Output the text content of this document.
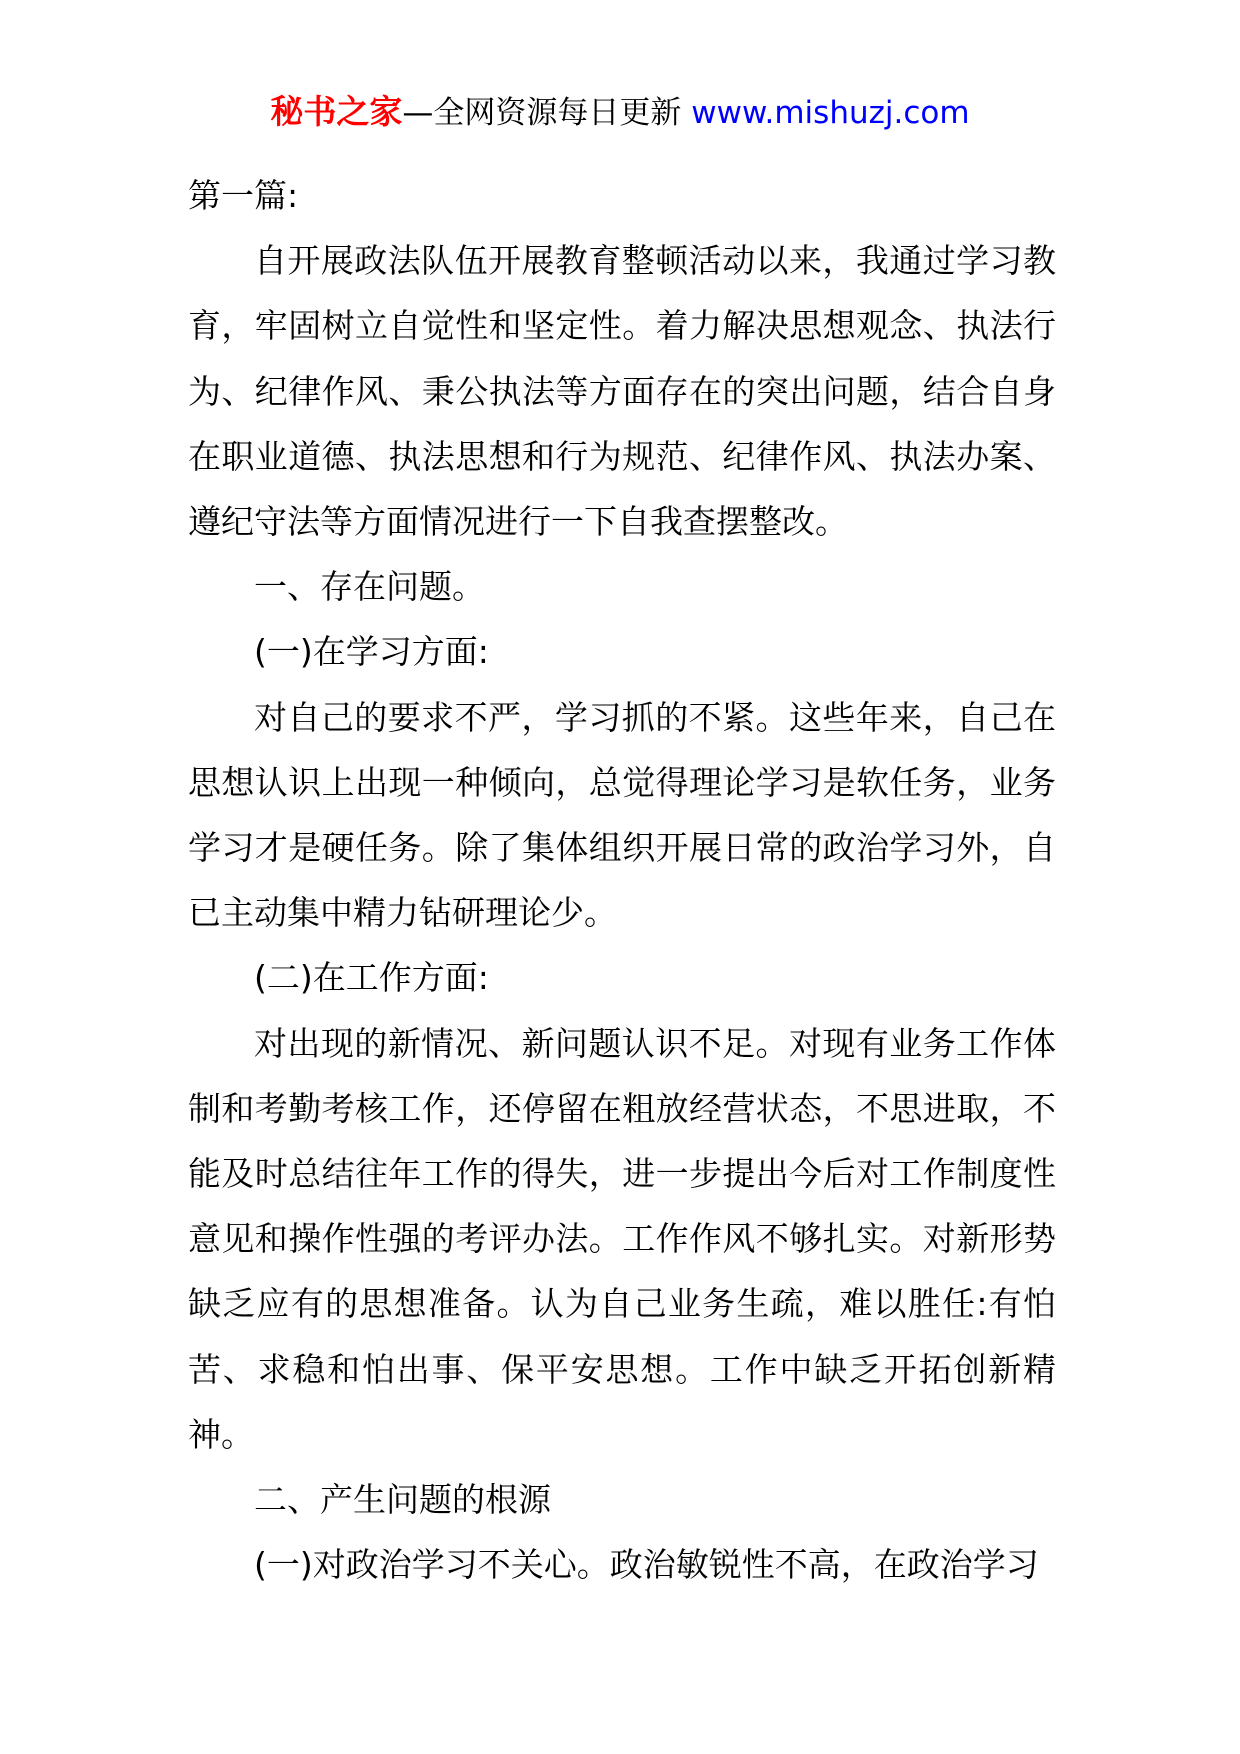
秘书之家—全网资源每日更新 www.mishuzj.com

第一篇:

自开展政法队伍开展教育整顿活动以来，我通过学习教育，牢固树立自觉性和坚定性。着力解决思想观念、执法行为、纪律作风、秉公执法等方面存在的突出问题，结合自身在职业道德、执法思想和行为规范、纪律作风、执法办案、遵纪守法等方面情况进行一下自我查摆整改。

一、存在问题。

(一)在学习方面:

对自己的要求不严，学习抓的不紧。这些年来，自己在思想认识上出现一种倾向，总觉得理论学习是软任务，业务学习才是硬任务。除了集体组织开展日常的政治学习外，自已主动集中精力钻研理论少。

(二)在工作方面:

对出现的新情况、新问题认识不足。对现有业务工作体制和考勤考核工作，还停留在粗放经营状态，不思进取，不能及时总结往年工作的得失，进一步提出今后对工作制度性意见和操作性强的考评办法。工作作风不够扎实。对新形势缺乏应有的思想准备。认为自己业务生疏，难以胜任:有怕苦、求稳和怕出事、保平安思想。工作中缺乏开拓创新精神。

二、产生问题的根源

(一)对政治学习不关心。政治敏锐性不高，在政治学习
